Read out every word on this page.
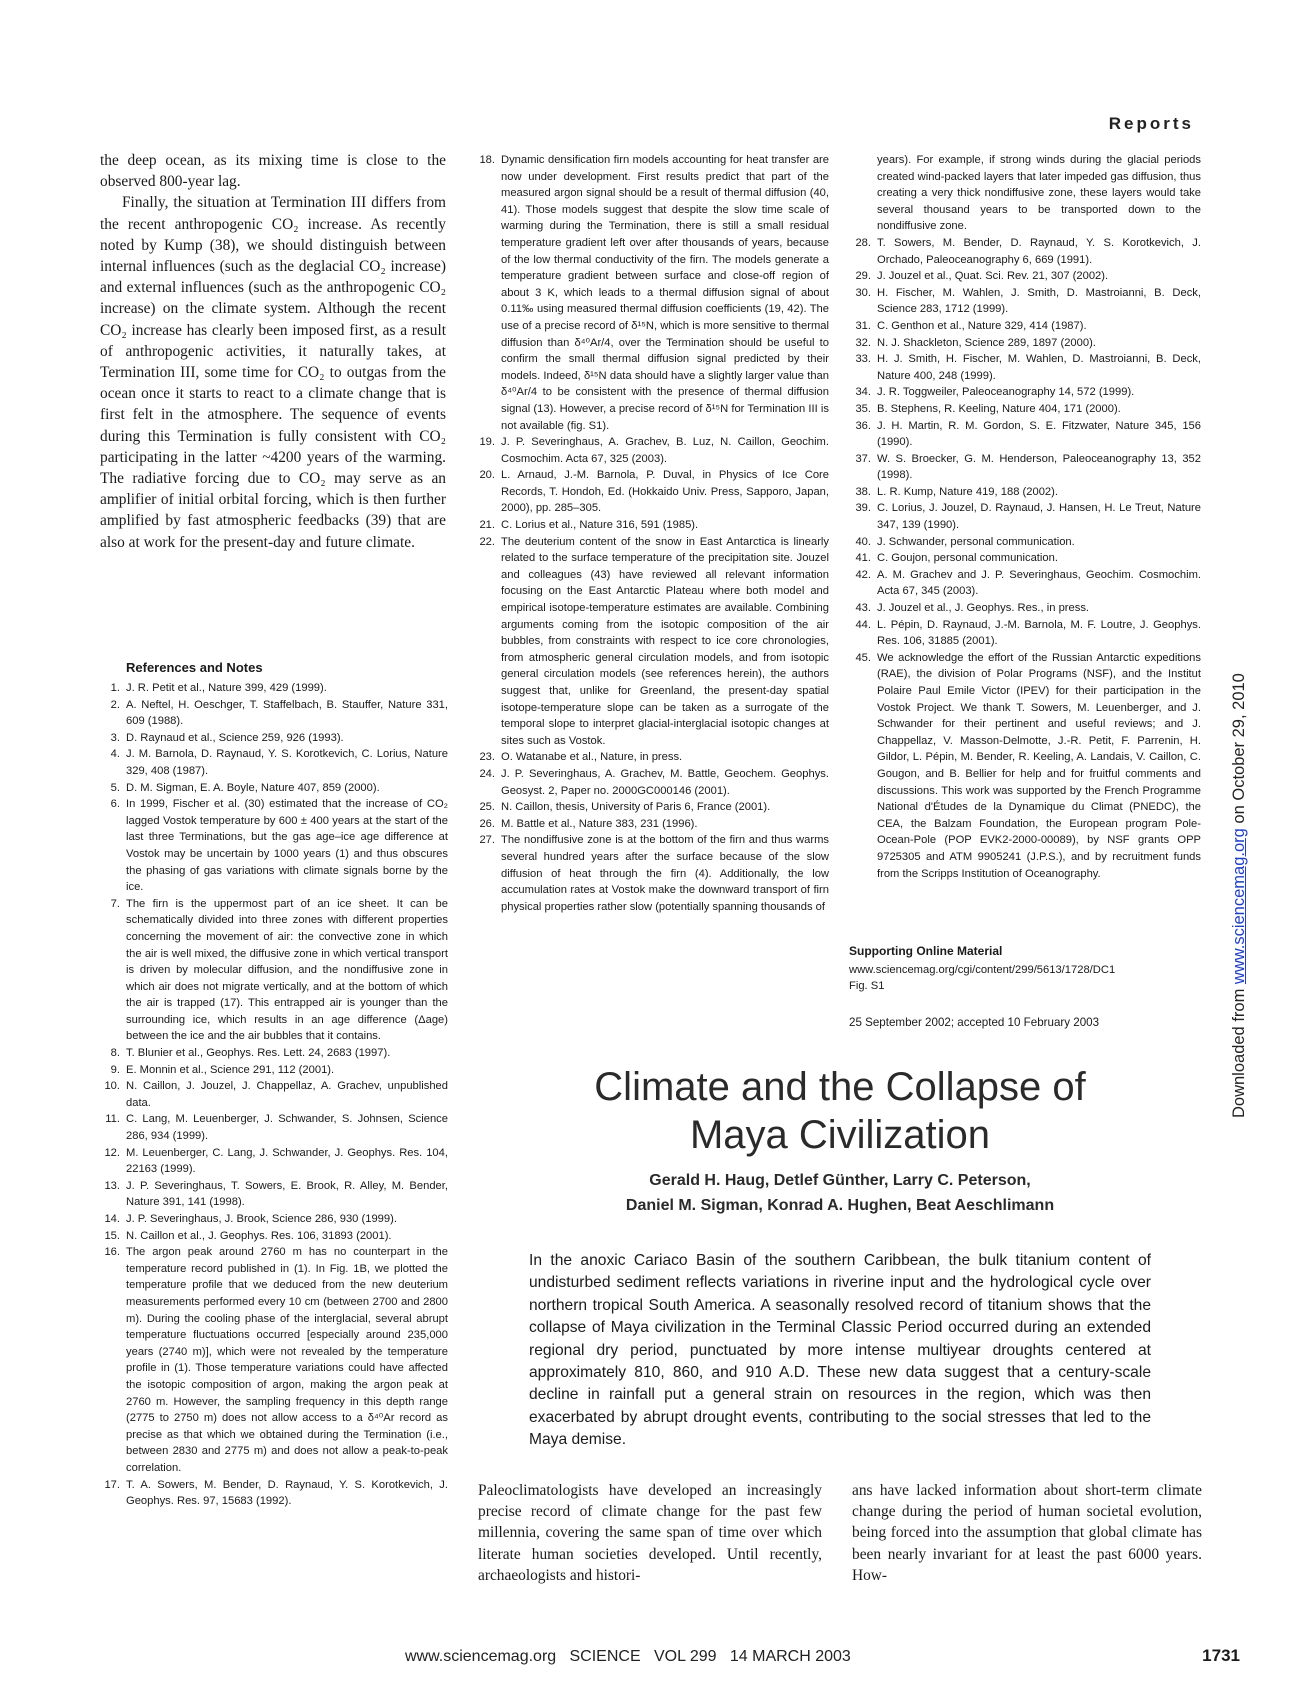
Reports

the deep ocean, as its mixing time is close to the observed 800-year lag.

Finally, the situation at Termination III differs from the recent anthropogenic CO₂ increase. As recently noted by Kump (38), we should distinguish between internal influences (such as the deglacial CO₂ increase) and external influences (such as the anthropogenic CO₂ increase) on the climate system. Although the recent CO₂ increase has clearly been imposed first, as a result of anthropogenic activities, it naturally takes, at Termination III, some time for CO₂ to outgas from the ocean once it starts to react to a climate change that is first felt in the atmosphere. The sequence of events during this Termination is fully consistent with CO₂ participating in the latter ~4200 years of the warming. The radiative forcing due to CO₂ may serve as an amplifier of initial orbital forcing, which is then further amplified by fast atmospheric feedbacks (39) that are also at work for the present-day and future climate.

References and Notes
1. J. R. Petit et al., Nature 399, 429 (1999).
2. A. Neftel, H. Oeschger, T. Staffelbach, B. Stauffer, Nature 331, 609 (1988).
3. D. Raynaud et al., Science 259, 926 (1993).
4. J. M. Barnola, D. Raynaud, Y. S. Korotkevich, C. Lorius, Nature 329, 408 (1987).
5. D. M. Sigman, E. A. Boyle, Nature 407, 859 (2000).
6. In 1999, Fischer et al. (30) estimated that the increase of CO₂ lagged Vostok temperature by 600 ± 400 years at the start of the last three Terminations, but the gas age–ice age difference at Vostok may be uncertain by 1000 years (1) and thus obscures the phasing of gas variations with climate signals borne by the ice.
7. The firn is the uppermost part of an ice sheet. It can be schematically divided into three zones with different properties concerning the movement of air: the convective zone in which the air is well mixed, the diffusive zone in which vertical transport is driven by molecular diffusion, and the nondiffusive zone in which air does not migrate vertically, and at the bottom of which the air is trapped (17). This entrapped air is younger than the surrounding ice, which results in an age difference (Δage) between the ice and the air bubbles that it contains.
8. T. Blunier et al., Geophys. Res. Lett. 24, 2683 (1997).
9. E. Monnin et al., Science 291, 112 (2001).
10. N. Caillon, J. Jouzel, J. Chappellaz, A. Grachev, unpublished data.
11. C. Lang, M. Leuenberger, J. Schwander, S. Johnsen, Science 286, 934 (1999).
12. M. Leuenberger, C. Lang, J. Schwander, J. Geophys. Res. 104, 22163 (1999).
13. J. P. Severinghaus, T. Sowers, E. Brook, R. Alley, M. Bender, Nature 391, 141 (1998).
14. J. P. Severinghaus, J. Brook, Science 286, 930 (1999).
15. N. Caillon et al., J. Geophys. Res. 106, 31893 (2001).
16. The argon peak around 2760 m has no counterpart in the temperature record published in (1). In Fig. 1B, we plotted the temperature profile that we deduced from the new deuterium measurements performed every 10 cm (between 2700 and 2800 m). During the cooling phase of the interglacial, several abrupt temperature fluctuations occurred [especially around 235,000 years (2740 m)], which were not revealed by the temperature profile in (1). Those temperature variations could have affected the isotopic composition of argon, making the argon peak at 2760 m. However, the sampling frequency in this depth range (2775 to 2750 m) does not allow access to a δ⁴⁰Ar record as precise as that which we obtained during the Termination (i.e., between 2830 and 2775 m) and does not allow a peak-to-peak correlation.
17. T. A. Sowers, M. Bender, D. Raynaud, Y. S. Korotkevich, J. Geophys. Res. 97, 15683 (1992).
18. Dynamic densification firn models accounting for heat transfer are now under development. First results predict that part of the measured argon signal should be a result of thermal diffusion (40, 41). Those models suggest that despite the slow time scale of warming during the Termination, there is still a small residual temperature gradient left over after thousands of years, because of the low thermal conductivity of the firn. The models generate a temperature gradient between surface and close-off region of about 3 K, which leads to a thermal diffusion signal of about 0.11‰ using measured thermal diffusion coefficients (19, 42). The use of a precise record of δ¹⁵N, which is more sensitive to thermal diffusion than δ⁴⁰Ar/4, over the Termination should be useful to confirm the small thermal diffusion signal predicted by their models. Indeed, δ¹⁵N data should have a slightly larger value than δ⁴⁰Ar/4 to be consistent with the presence of thermal diffusion signal (13). However, a precise record of δ¹⁵N for Termination III is not available (fig. S1).
19. J. P. Severinghaus, A. Grachev, B. Luz, N. Caillon, Geochim. Cosmochim. Acta 67, 325 (2003).
20. L. Arnaud, J.-M. Barnola, P. Duval, in Physics of Ice Core Records, T. Hondoh, Ed. (Hokkaido Univ. Press, Sapporo, Japan, 2000), pp. 285–305.
21. C. Lorius et al., Nature 316, 591 (1985).
22. The deuterium content of the snow in East Antarctica is linearly related to the surface temperature of the precipitation site. Jouzel and colleagues (43) have reviewed all relevant information focusing on the East Antarctic Plateau where both model and empirical isotope-temperature estimates are available. Combining arguments coming from the isotopic composition of the air bubbles, from constraints with respect to ice core chronologies, from atmospheric general circulation models, and from isotopic general circulation models (see references herein), the authors suggest that, unlike for Greenland, the present-day spatial isotope-temperature slope can be taken as a surrogate of the temporal slope to interpret glacial-interglacial isotopic changes at sites such as Vostok.
23. O. Watanabe et al., Nature, in press.
24. J. P. Severinghaus, A. Grachev, M. Battle, Geochem. Geophys. Geosyst. 2, Paper no. 2000GC000146 (2001).
25. N. Caillon, thesis, University of Paris 6, France (2001).
26. M. Battle et al., Nature 383, 231 (1996).
27. The nondiffusive zone is at the bottom of the firn and thus warms several hundred years after the surface because of the slow diffusion of heat through the firn (4). Additionally, the low accumulation rates at Vostok make the downward transport of firn physical properties rather slow (potentially spanning thousands of
years). For example, if strong winds during the glacial periods created wind-packed layers that later impeded gas diffusion, thus creating a very thick nondiffusive zone, these layers would take several thousand years to be transported down to the nondiffusive zone.
28. T. Sowers, M. Bender, D. Raynaud, Y. S. Korotkevich, J. Orchado, Paleoceanography 6, 669 (1991).
29. J. Jouzel et al., Quat. Sci. Rev. 21, 307 (2002).
30. H. Fischer, M. Wahlen, J. Smith, D. Mastroianni, B. Deck, Science 283, 1712 (1999).
31. C. Genthon et al., Nature 329, 414 (1987).
32. N. J. Shackleton, Science 289, 1897 (2000).
33. H. J. Smith, H. Fischer, M. Wahlen, D. Mastroianni, B. Deck, Nature 400, 248 (1999).
34. J. R. Toggweiler, Paleoceanography 14, 572 (1999).
35. B. Stephens, R. Keeling, Nature 404, 171 (2000).
36. J. H. Martin, R. M. Gordon, S. E. Fitzwater, Nature 345, 156 (1990).
37. W. S. Broecker, G. M. Henderson, Paleoceanography 13, 352 (1998).
38. L. R. Kump, Nature 419, 188 (2002).
39. C. Lorius, J. Jouzel, D. Raynaud, J. Hansen, H. Le Treut, Nature 347, 139 (1990).
40. J. Schwander, personal communication.
41. C. Goujon, personal communication.
42. A. M. Grachev and J. P. Severinghaus, Geochim. Cosmochim. Acta 67, 345 (2003).
43. J. Jouzel et al., J. Geophys. Res., in press.
44. L. Pépin, D. Raynaud, J.-M. Barnola, M. F. Loutre, J. Geophys. Res. 106, 31885 (2001).
45. We acknowledge the effort of the Russian Antarctic expeditions (RAE), the division of Polar Programs (NSF), and the Institut Polaire Paul Emile Victor (IPEV) for their participation in the Vostok Project. We thank T. Sowers, M. Leuenberger, and J. Schwander for their pertinent and useful reviews; and J. Chappellaz, V. Masson-Delmotte, J.-R. Petit, F. Parrenin, H. Gildor, L. Pépin, M. Bender, R. Keeling, A. Landais, V. Caillon, C. Gougon, and B. Bellier for help and for fruitful comments and discussions. This work was supported by the French Programme National d'Études de la Dynamique du Climat (PNEDC), the CEA, the Balzam Foundation, the European program Pole-Ocean-Pole (POP EVK2-2000-00089), by NSF grants OPP 9725305 and ATM 9905241 (J.P.S.), and by recruitment funds from the Scripps Institution of Oceanography.
Supporting Online Material
www.sciencemag.org/cgi/content/299/5613/1728/DC1
Fig. S1
25 September 2002; accepted 10 February 2003
Climate and the Collapse of
Maya Civilization
Gerald H. Haug, Detlef Günther, Larry C. Peterson,
Daniel M. Sigman, Konrad A. Hughen, Beat Aeschlimann
In the anoxic Cariaco Basin of the southern Caribbean, the bulk titanium content of undisturbed sediment reflects variations in riverine input and the hydrological cycle over northern tropical South America. A seasonally resolved record of titanium shows that the collapse of Maya civilization in the Terminal Classic Period occurred during an extended regional dry period, punctuated by more intense multiyear droughts centered at approximately 810, 860, and 910 A.D. These new data suggest that a century-scale decline in rainfall put a general strain on resources in the region, which was then exacerbated by abrupt drought events, contributing to the social stresses that led to the Maya demise.
Paleoclimatologists have developed an increasingly precise record of climate change for the past few millennia, covering the same span of time over which literate human societies developed. Until recently, archaeologists and histori-
ans have lacked information about short-term climate change during the period of human societal evolution, being forced into the assumption that global climate has been nearly invariant for at least the past 6000 years. How-
www.sciencemag.org   SCIENCE   VOL 299   14 MARCH 2003	1731
Downloaded from www.sciencemag.org on October 29, 2010
